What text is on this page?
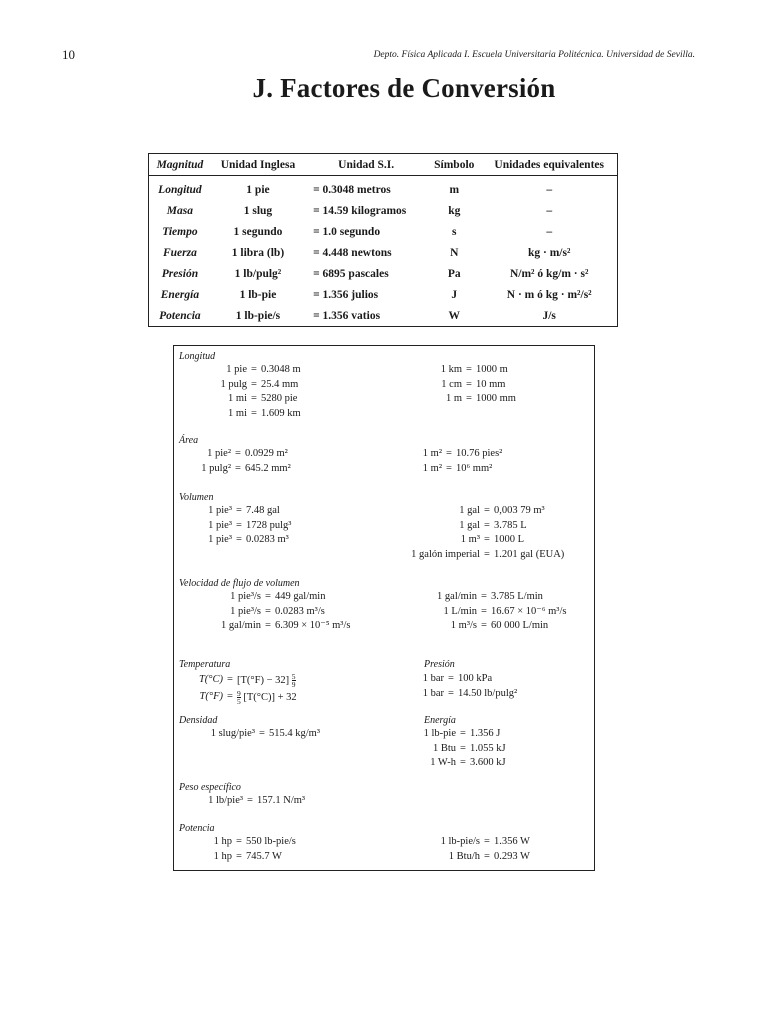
10	Depto. Física Aplicada I. Escuela Universitaria Politécnica. Universidad de Sevilla.
J. Factores de Conversión
Magnitud	Unidad Inglesa	Unidad S.I.	Símbolo	Unidades equivalentes
Longitud	1 pie	= 0.3048 metros	m	–
Masa	1 slug	= 14.59 kilogramos	kg	–
Tiempo	1 segundo	= 1.0 segundo	s	–
Fuerza	1 libra (lb)	= 4.448 newtons	N	kg · m/s²
Presión	1 lb/pulg²	= 6895 pascales	Pa	N/m² ó kg/m · s²
Energía	1 lb-pie	= 1.356 julios	J	N · m ó kg · m²/s²
Potencia	1 lb-pie/s	= 1.356 vatios	W	J/s
Longitud
1 pie = 0.3048 m
1 pulg = 25.4 mm
1 mi = 5280 pie
1 mi = 1.609 km
1 km = 1000 m
1 cm = 10 mm
1 m = 1000 mm
Área
1 pie² = 0.0929 m²
1 pulg² = 645.2 mm²
1 m² = 10.76 pies²
1 m² = 10⁶ mm²
Volumen
1 pie³ = 7.48 gal
1 pie³ = 1728 pulg³
1 pie³ = 0.0283 m³
1 gal = 0,003 79 m³
1 gal = 3.785 L
1 m³ = 1000 L
1 galón imperial = 1.201 gal (EUA)
Velocidad de flujo de volumen
1 pie³/s = 449 gal/min
1 pie³/s = 0.0283 m³/s
1 gal/min = 6.309 × 10⁻⁵ m³/s
1 gal/min = 3.785 L/min
1 L/min = 16.67 × 10⁻⁶ m³/s
1 m³/s = 60 000 L/min
Temperatura
$T(^\circ C) = [T(^\circ F) - 32] \frac{5}{9}$
$T(^\circ F) = \frac{9}{5} [T(^\circ C)] + 32$
Presión
1 bar = 100 kPa
1 bar = 14.50 lb/pulg²
Densidad
1 slug/pie³ = 515.4 kg/m³
Energía
1 lb-pie = 1.356 J
1 Btu = 1.055 kJ
1 W-h = 3.600 kJ
Peso específico
1 lb/pie³ = 157.1 N/m³
Potencia
1 hp = 550 lb-pie/s
1 hp = 745.7 W
1 lb-pie/s = 1.356 W
1 Btu/h = 0.293 W
